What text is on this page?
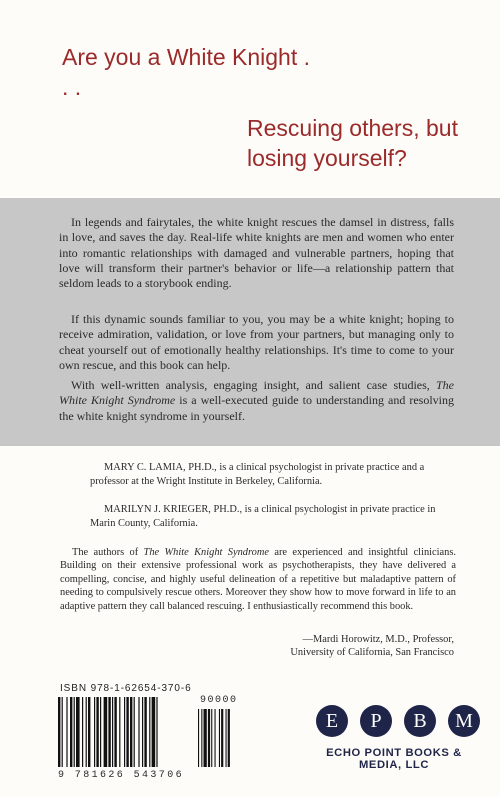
Are you a White Knight . . .
Rescuing others, but losing yourself?

In legends and fairytales, the white knight rescues the damsel in distress, falls in love, and saves the day. Real-life white knights are men and women who enter into romantic relationships with damaged and vulnerable partners, hoping that love will transform their partner's behavior or life—a relationship pattern that seldom leads to a storybook ending.

If this dynamic sounds familiar to you, you may be a white knight; hoping to receive admiration, validation, or love from your partners, but managing only to cheat yourself out of emotionally healthy relationships. It's time to come to your own rescue, and this book can help.

With well-written analysis, engaging insight, and salient case studies, The White Knight Syndrome is a well-executed guide to understanding and resolving the white knight syndrome in yourself.

MARY C. LAMIA, PH.D., is a clinical psychologist in private practice and a professor at the Wright Institute in Berkeley, California.

MARILYN J. KRIEGER, PH.D., is a clinical psychologist in private practice in Marin County, California.

The authors of The White Knight Syndrome are experienced and insightful clinicians. Building on their extensive professional work as psychotherapists, they have delivered a compelling, concise, and highly useful delineation of a repetitive but maladaptive pattern of needing to compulsively rescue others. Moreover they show how to move forward in life to an adaptive pattern they call balanced rescuing. I enthusiastically recommend this book.

—Mardi Horowitz, M.D., Professor,
University of California, San Francisco
ISBN 978-1-62654-370-6
90000
9 781626 543706
E	P	B	M
ECHO POINT BOOKS & MEDIA, LLC
